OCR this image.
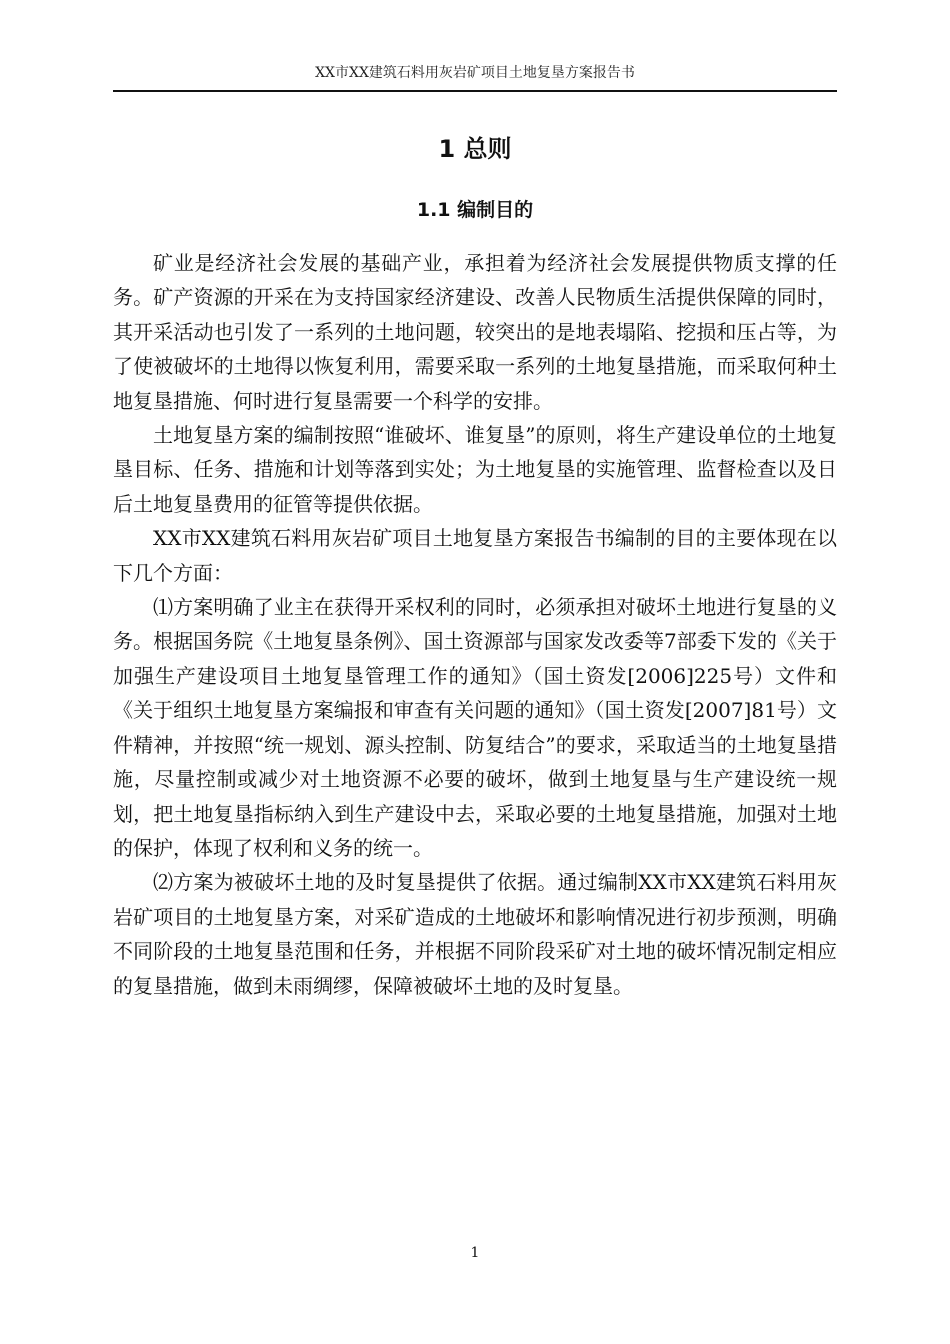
XX市XX建筑石料用灰岩矿项目土地复垦方案报告书
1 总则
1.1 编制目的

矿业是经济社会发展的基础产业，承担着为经济社会发展提供物质支撑的任务。矿产资源的开采在为支持国家经济建设、改善人民物质生活提供保障的同时，其开采活动也引发了一系列的土地问题，较突出的是地表塌陷、挖损和压占等，为了使被破坏的土地得以恢复利用，需要采取一系列的土地复垦措施，而采取何种土地复垦措施、何时进行复垦需要一个科学的安排。

土地复垦方案的编制按照“谁破坏、谁复垦”的原则，将生产建设单位的土地复垦目标、任务、措施和计划等落到实处；为土地复垦的实施管理、监督检查以及日后土地复垦费用的征管等提供依据。

XX市XX建筑石料用灰岩矿项目土地复垦方案报告书编制的目的主要体现在以下几个方面：

⑴方案明确了业主在获得开采权利的同时，必须承担对破坏土地进行复垦的义务。根据国务院《土地复垦条例》、国土资源部与国家发改委等7部委下发的《关于加强生产建设项目土地复垦管理工作的通知》（国土资发[2006]225号）文件和《关于组织土地复垦方案编报和审查有关问题的通知》（国土资发[2007]81号）文件精神，并按照“统一规划、源头控制、防复结合”的要求，采取适当的土地复垦措施，尽量控制或减少对土地资源不必要的破坏，做到土地复垦与生产建设统一规划，把土地复垦指标纳入到生产建设中去，采取必要的土地复垦措施，加强对土地的保护，体现了权利和义务的统一。

⑵方案为被破坏土地的及时复垦提供了依据。通过编制XX市XX建筑石料用灰岩矿项目的土地复垦方案，对采矿造成的土地破坏和影响情况进行初步预测，明确不同阶段的土地复垦范围和任务，并根据不同阶段采矿对土地的破坏情况制定相应的复垦措施，做到未雨绸缪，保障被破坏土地的及时复垦。

1
